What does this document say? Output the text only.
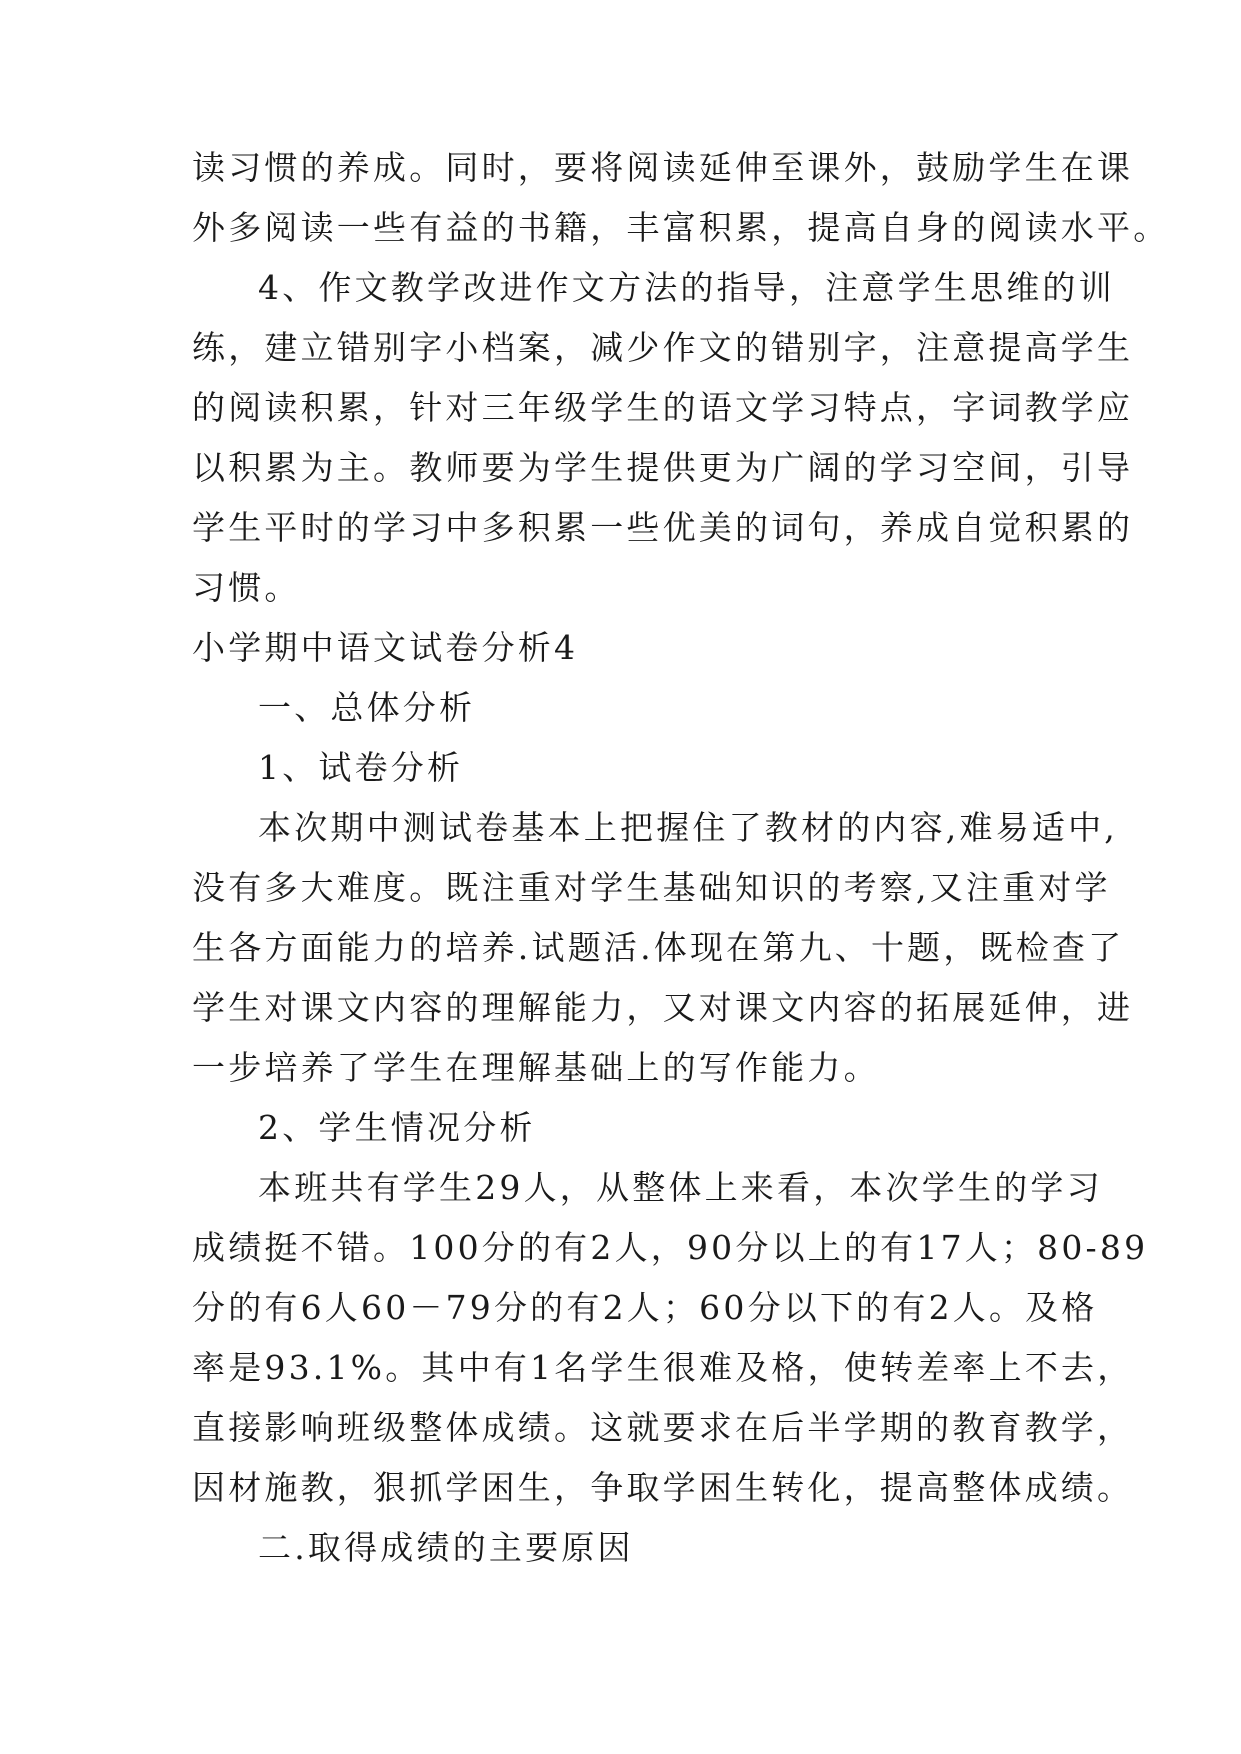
读习惯的养成。同时，要将阅读延伸至课外，鼓励学生在课
外多阅读一些有益的书籍，丰富积累，提高自身的阅读水平。
4、作文教学改进作文方法的指导，注意学生思维的训
练，建立错别字小档案，减少作文的错别字，注意提高学生
的阅读积累，针对三年级学生的语文学习特点，字词教学应
以积累为主。教师要为学生提供更为广阔的学习空间，引导
学生平时的学习中多积累一些优美的词句，养成自觉积累的
习惯。
小学期中语文试卷分析4
一、总体分析
1、试卷分析
本次期中测试卷基本上把握住了教材的内容,难易适中,
没有多大难度。既注重对学生基础知识的考察,又注重对学
生各方面能力的培养.试题活.体现在第九、十题，既检查了
学生对课文内容的理解能力，又对课文内容的拓展延伸，进
一步培养了学生在理解基础上的写作能力。
2、学生情况分析
本班共有学生29人，从整体上来看，本次学生的学习
成绩挺不错。100分的有2人，90分以上的有17人；80-89
分的有6人60－79分的有2人；60分以下的有2人。及格
率是93.1%。其中有1名学生很难及格，使转差率上不去，
直接影响班级整体成绩。这就要求在后半学期的教育教学，
因材施教，狠抓学困生，争取学困生转化，提高整体成绩。
二.取得成绩的主要原因
